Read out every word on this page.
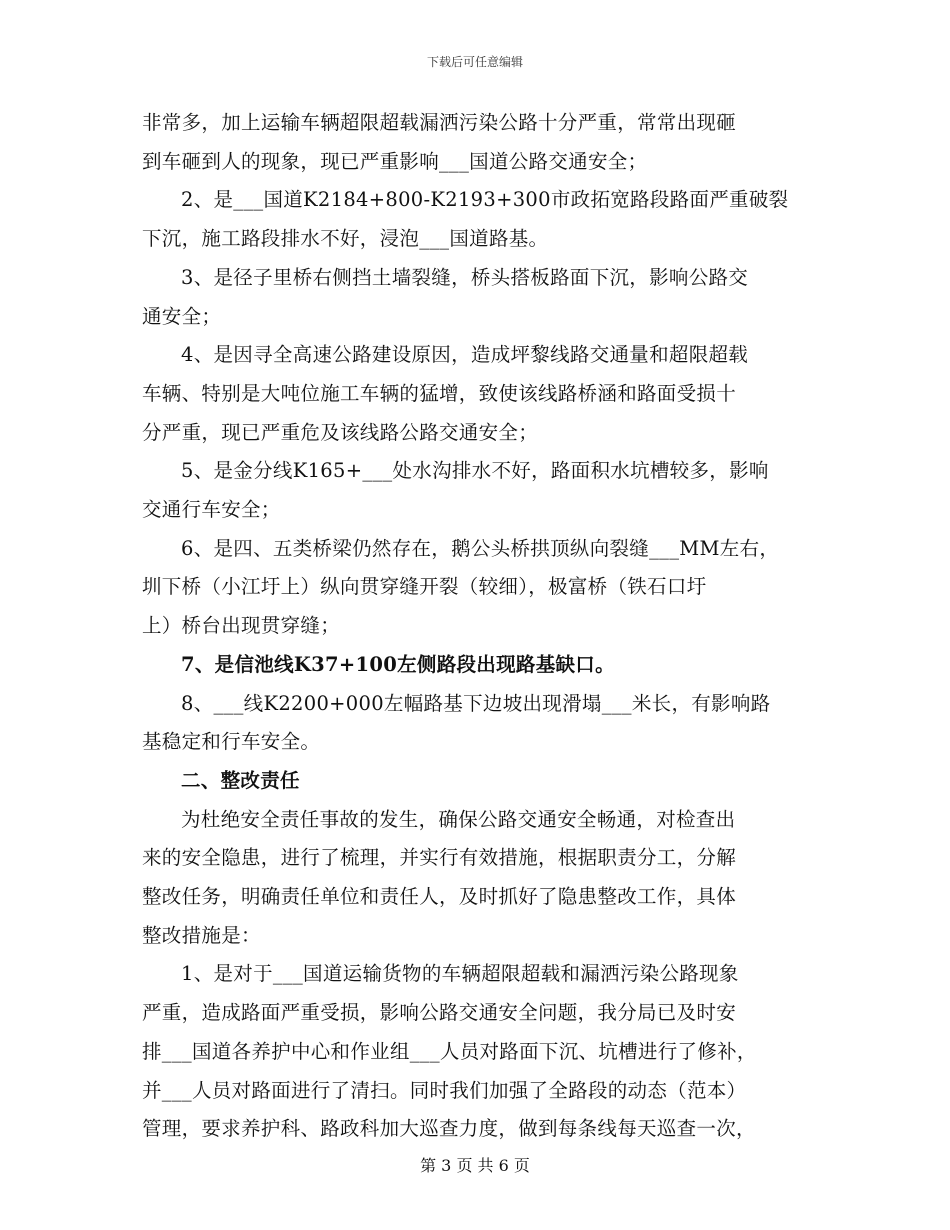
下载后可任意编辑
非常多，加上运输车辆超限超载漏洒污染公路十分严重，常常出现砸
到车砸到人的现象，现已严重影响___国道公路交通安全；
2、是___国道K2184+800-K2193+300市政拓宽路段路面严重破裂
下沉，施工路段排水不好，浸泡___国道路基。
3、是径子里桥右侧挡土墙裂缝，桥头搭板路面下沉，影响公路交
通安全；
4、是因寻全高速公路建设原因，造成坪黎线路交通量和超限超载
车辆、特别是大吨位施工车辆的猛增，致使该线路桥涵和路面受损十
分严重，现已严重危及该线路公路交通安全；
5、是金分线K165+___处水沟排水不好，路面积水坑槽较多，影响
交通行车安全；
6、是四、五类桥梁仍然存在，鹅公头桥拱顶纵向裂缝___MM左右，
圳下桥（小江圩上）纵向贯穿缝开裂（较细），极富桥（铁石口圩
上）桥台出现贯穿缝；
7、是信池线K37+100左侧路段出现路基缺口。
8、___线K2200+000左幅路基下边坡出现滑塌___米长，有影响路
基稳定和行车安全。
二、整改责任
为杜绝安全责任事故的发生，确保公路交通安全畅通，对检查出
来的安全隐患，进行了梳理，并实行有效措施，根据职责分工，分解
整改任务，明确责任单位和责任人，及时抓好了隐患整改工作，具体
整改措施是：
1、是对于___国道运输货物的车辆超限超载和漏洒污染公路现象
严重，造成路面严重受损，影响公路交通安全问题，我分局已及时安
排___国道各养护中心和作业组___人员对路面下沉、坑槽进行了修补，
并___人员对路面进行了清扫。同时我们加强了全路段的动态（范本）
管理，要求养护科、路政科加大巡查力度，做到每条线每天巡查一次，
第 3 页 共 6 页
